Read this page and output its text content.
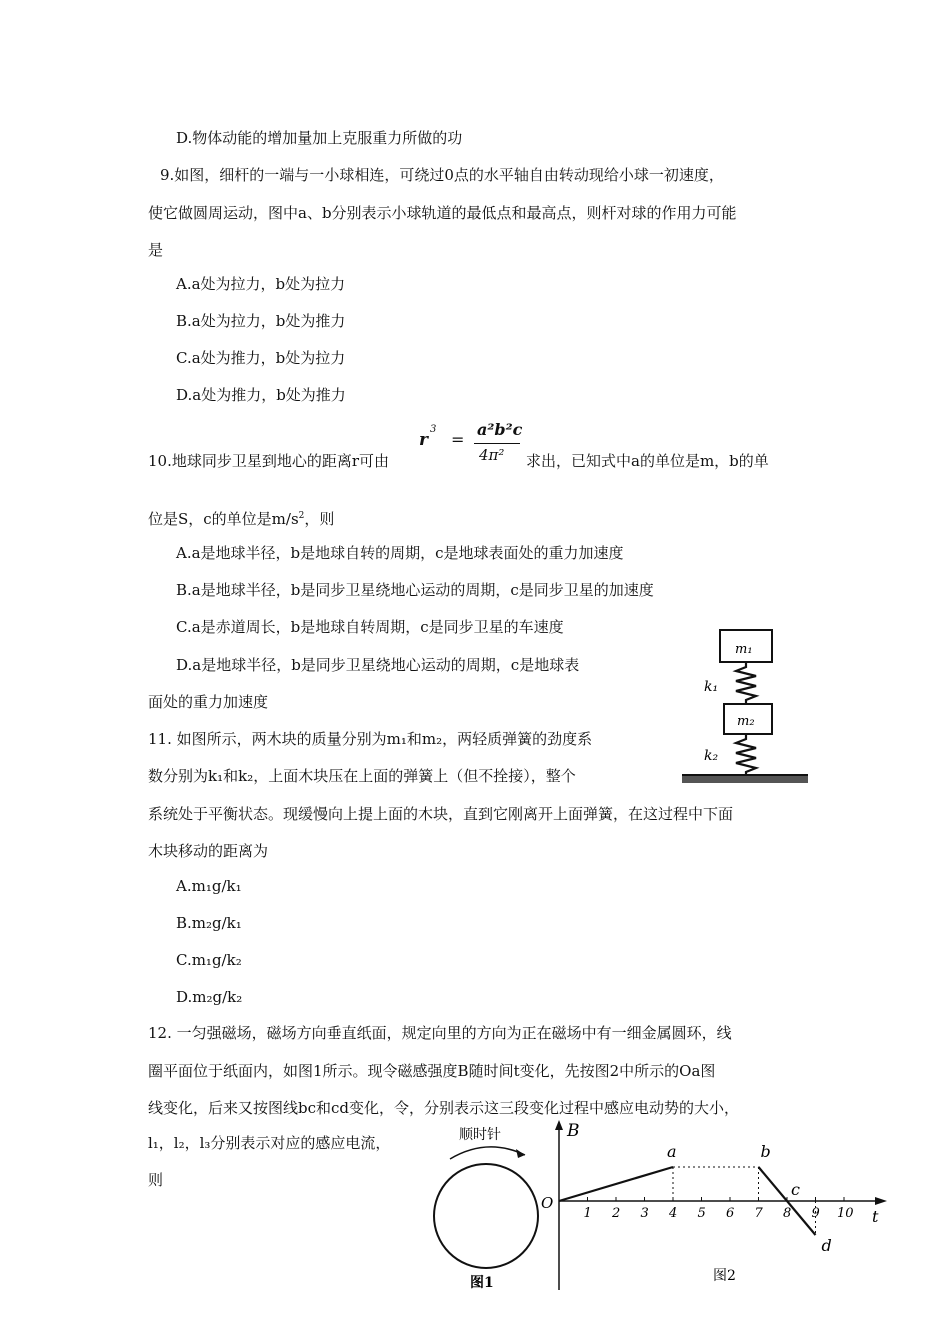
D.物体动能的增加量加上克服重力所做的功
9.如图，细杆的一端与一小球相连，可绕过0点的水平轴自由转动现给小球一初速度，
使它做圆周运动，图中a、b分别表示小球轨道的最低点和最高点，则杆对球的作用力可能
是
A.a处为拉力，b处为拉力
B.a处为拉力，b处为推力
C.a处为推力，b处为拉力
D.a处为推力，b处为推力
10.地球同步卫星到地心的距离r可由
r
3
=
a²b²c
4π² 求出，已知式中a的单位是m，b的单
位是S，c的单位是$m/s^2$，则
A.a是地球半径，b是地球自转的周期，c是地球表面处的重力加速度
B.a是地球半径，b是同步卫星绕地心运动的周期，c是同步卫星的加速度
C.a是赤道周长，b是地球自转周期，c是同步卫星的车速度
D.a是地球半径，b是同步卫星绕地心运动的周期，c是地球表
面处的重力加速度
m₁
k₁
m₂
k₂
11. 如图所示，两木块的质量分别为m₁和m₂，两轻质弹簧的劲度系
数分别为k₁和k₂，上面木块压在上面的弹簧上（但不拴接），整个
系统处于平衡状态。现缓慢向上提上面的木块，直到它刚离开上面弹簧，在这过程中下面
木块移动的距离为
A.m₁g/k₁
B.m₂g/k₁
C.m₁g/k₂
D.m₂g/k₂
12. 一匀强磁场，磁场方向垂直纸面，规定向里的方向为正在磁场中有一细金属圆环，线
圈平面位于纸面内，如图1所示。现令磁感强度B随时间t变化，先按图2中所示的Oa图
线变化，后来又按图线bc和cd变化，令，分别表示这三段变化过程中感应电动势的大小，
l₁，l₂，l₃分别表示对应的感应电流，
则
顺时针
图1
B
t
O
1 2 3 4 5 6 7 8 9 10
a	b
c
d
图2
